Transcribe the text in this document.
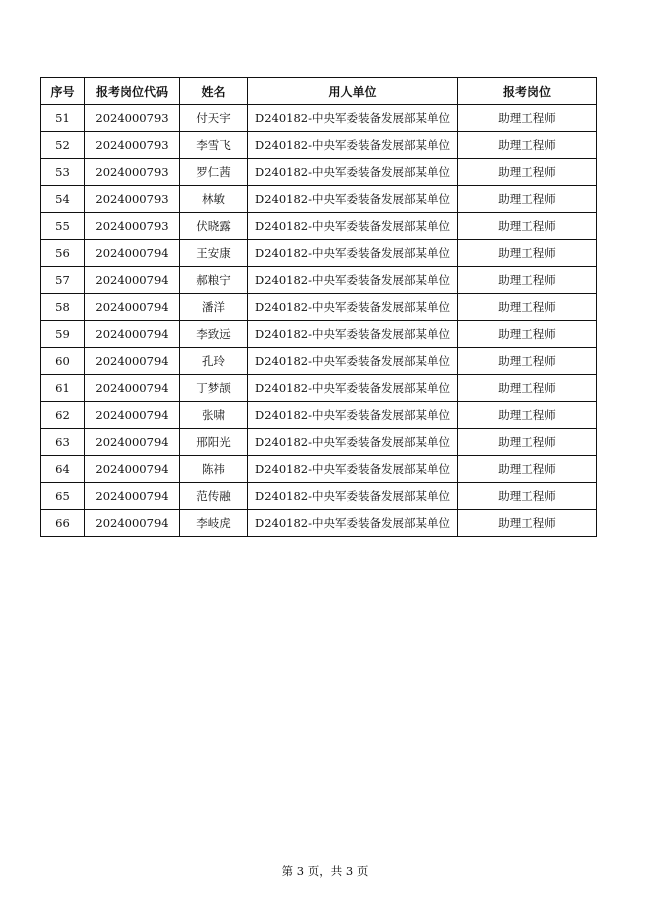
序号	报考岗位代码	姓名	用人单位	报考岗位
51	2024000793	付天宇	D240182-中央军委装备发展部某单位	助理工程师
52	2024000793	李雪飞	D240182-中央军委装备发展部某单位	助理工程师
53	2024000793	罗仁茜	D240182-中央军委装备发展部某单位	助理工程师
54	2024000793	林敏	D240182-中央军委装备发展部某单位	助理工程师
55	2024000793	伏晓露	D240182-中央军委装备发展部某单位	助理工程师
56	2024000794	王安康	D240182-中央军委装备发展部某单位	助理工程师
57	2024000794	郝粮宁	D240182-中央军委装备发展部某单位	助理工程师
58	2024000794	潘洋	D240182-中央军委装备发展部某单位	助理工程师
59	2024000794	李致远	D240182-中央军委装备发展部某单位	助理工程师
60	2024000794	孔玲	D240182-中央军委装备发展部某单位	助理工程师
61	2024000794	丁梦颉	D240182-中央军委装备发展部某单位	助理工程师
62	2024000794	张啸	D240182-中央军委装备发展部某单位	助理工程师
63	2024000794	邢阳光	D240182-中央军委装备发展部某单位	助理工程师
64	2024000794	陈祎	D240182-中央军委装备发展部某单位	助理工程师
65	2024000794	范传融	D240182-中央军委装备发展部某单位	助理工程师
66	2024000794	李岐虎	D240182-中央军委装备发展部某单位	助理工程师
第 3 页，共 3 页
